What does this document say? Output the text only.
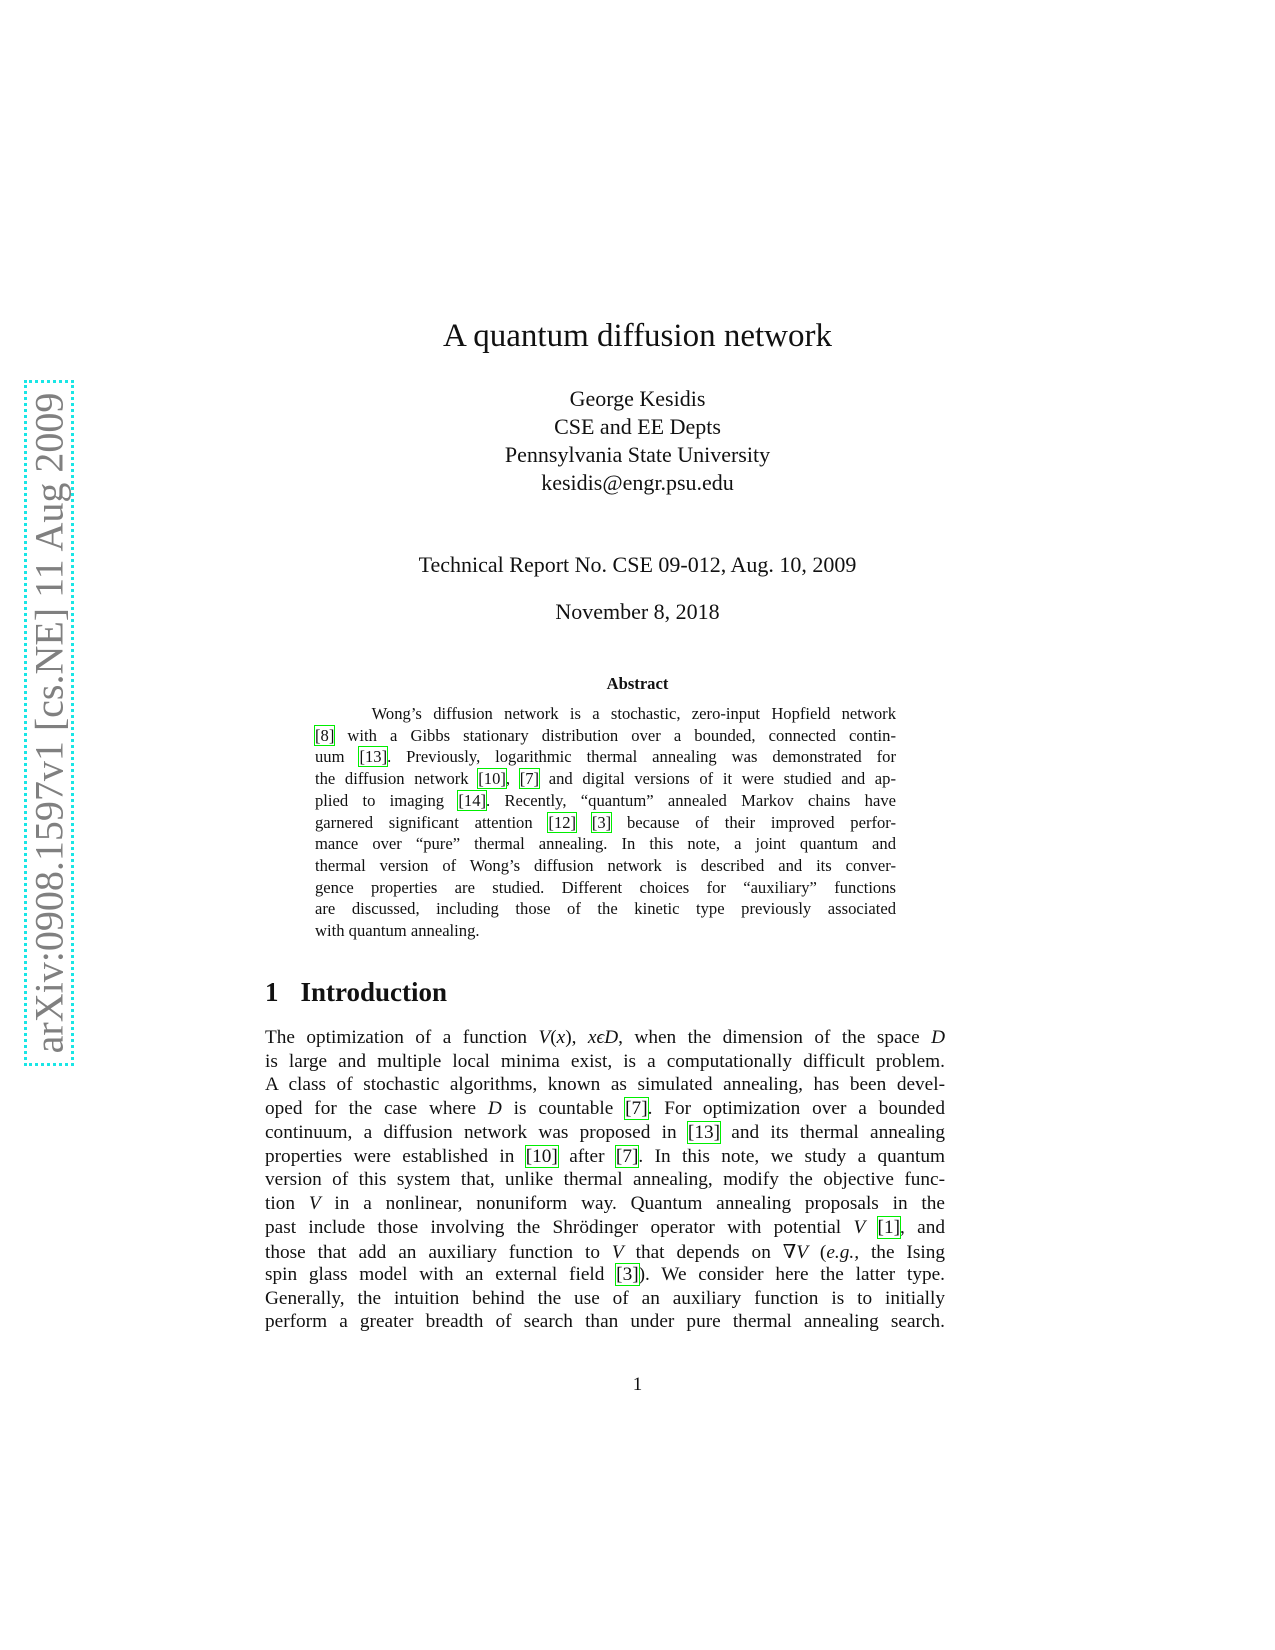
arXiv:0908.1597v1 [cs.NE] 11 Aug 2009
A quantum diffusion network
George Kesidis
CSE and EE Depts
Pennsylvania State University
kesidis@engr.psu.edu
Technical Report No. CSE 09-012, Aug. 10, 2009
November 8, 2018
Abstract
Wong’s diffusion network is a stochastic, zero-input Hopfield network
[8] with a Gibbs stationary distribution over a bounded, connected contin-
uum [13]. Previously, logarithmic thermal annealing was demonstrated for
the diffusion network [10], [7] and digital versions of it were studied and ap-
plied to imaging [14]. Recently, “quantum” annealed Markov chains have
garnered significant attention [12] [3] because of their improved perfor-
mance over “pure” thermal annealing. In this note, a joint quantum and
thermal version of Wong’s diffusion network is described and its conver-
gence properties are studied. Different choices for “auxiliary” functions
are discussed, including those of the kinetic type previously associated
with quantum annealing.
1 Introduction
The optimization of a function V(x), xϵD, when the dimension of the space D
is large and multiple local minima exist, is a computationally difficult problem.
A class of stochastic algorithms, known as simulated annealing, has been devel-
oped for the case where D is countable [7]. For optimization over a bounded
continuum, a diffusion network was proposed in [13] and its thermal annealing
properties were established in [10] after [7]. In this note, we study a quantum
version of this system that, unlike thermal annealing, modify the objective func-
tion V in a nonlinear, nonuniform way. Quantum annealing proposals in the
past include those involving the Shrödinger operator with potential V [1], and
those that add an auxiliary function to V that depends on ∇V (e.g., the Ising
spin glass model with an external field [3]). We consider here the latter type.
Generally, the intuition behind the use of an auxiliary function is to initially
perform a greater breadth of search than under pure thermal annealing search.
1
